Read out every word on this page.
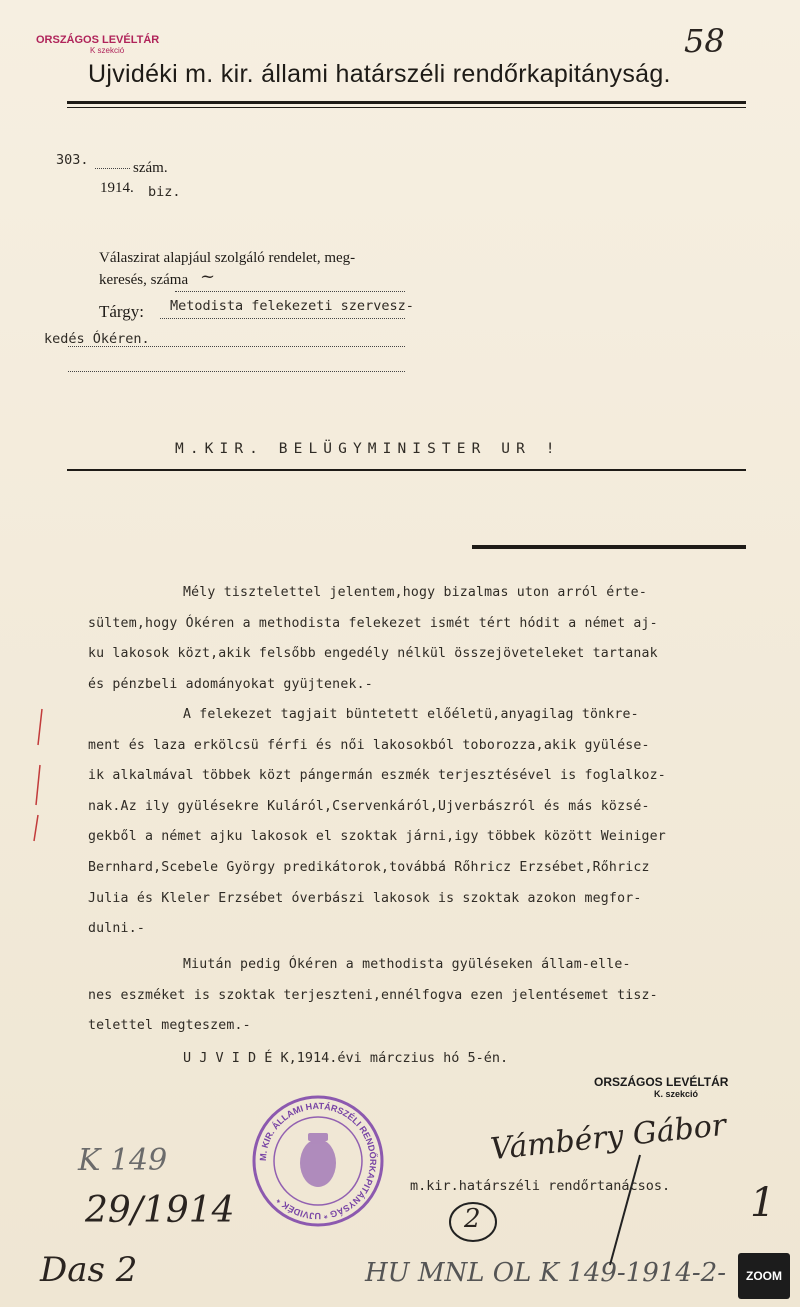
ORSZÁGOS LEVÉLTÁR
K szekció	58
Ujvidéki m. kir. állami határszéli rendőrkapitányság.
303.	szám.
1914. biz.
Válaszirat alapjául szolgáló rendelet, meg-
keresés, száma ~
Tárgy: Metodista felekezeti szervesz-
kedés Ókéren.
M.KIR. BELÜGYMINISTER UR !
Mély tisztelettel jelentem,hogy bizalmas uton arról érte-
sültem,hogy Ókéren a methodista felekezet ismét tért hódit a német aj-
ku lakosok közt,akik felsőbb engedély nélkül összejöveteleket tartanak
és pénzbeli adományokat gyüjtenek.-
A felekezet tagjait büntetett előéletü,anyagilag tönkre-
ment és laza erkölcsü férfi és női lakosokból toborozza,akik gyülése-
ik alkalmával többek közt pángermán eszmék terjesztésével is foglalkoz-
nak.Az ily gyülésekre Kuláról,Cservenkáról,Ujverbászról és más közsé-
gekből a német ajku lakosok el szoktak járni,igy többek között Weiniger
Bernhard,Scebele György predikátorok,továbbá Rőhricz Erzsébet,Rőhricz
Julia és Kleler Erzsébet óverbászi lakosok is szoktak azokon megfor-
dulni.-
Miután pedig Ókéren a methodista gyüléseken állam-elle-
nes eszméket is szoktak terjeszteni,ennélfogva ezen jelentésemet tisz-
telettel megteszem.-
U J V I D É K,1914.évi márczius hó 5-én.
ORSZÁGOS LEVÉLTÁR
K. szekció
M. KIR. ÁLLAMI HATÁRSZÉLI RENDŐRKAPITÁNYSÁG * UJVIDÉK *
Vámbéry Gábor
m.kir.határszéli rendőrtanácsos.
K 149
29/1914	2	1
Das 2	HU MNL OL K 149-1914-2-	ZOOM
